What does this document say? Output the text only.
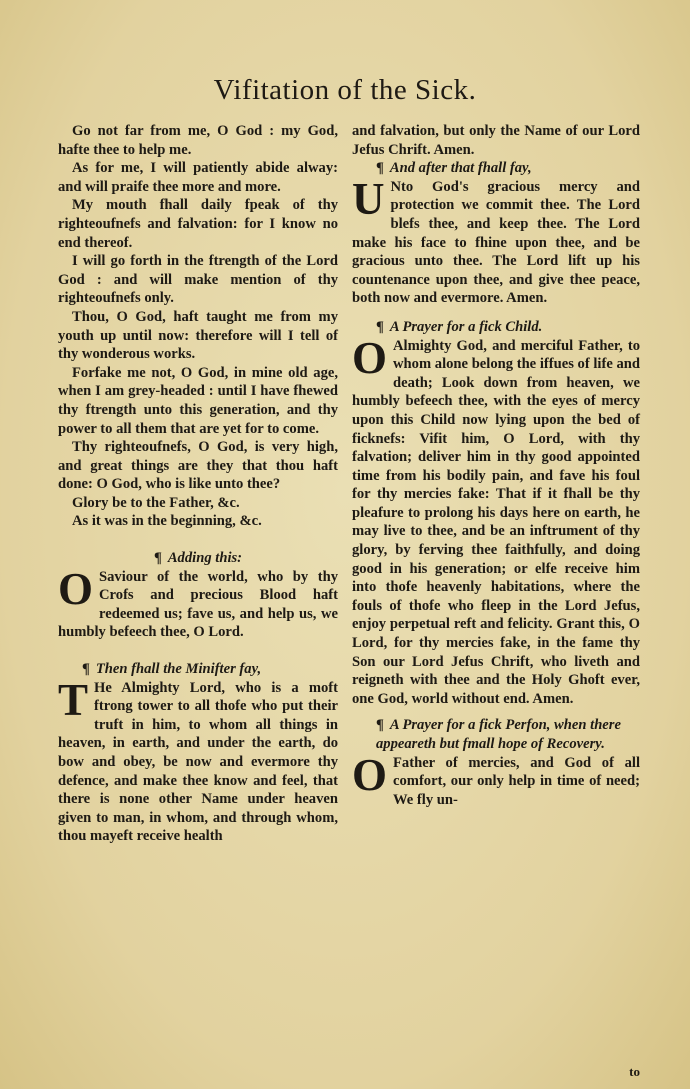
Vifitation of the Sick.

Go not far from me, O God : my God, hafte thee to help me.

As for me, I will patiently abide alway: and will praife thee more and more.

My mouth fhall daily fpeak of thy righteoufnefs and falvation: for I know no end thereof.

I will go forth in the ftrength of the Lord God : and will make mention of thy righteoufnefs only.

Thou, O God, haft taught me from my youth up until now: therefore will I tell of thy wonderous works.

Forfake me not, O God, in mine old age, when I am grey-headed : until I have fhewed thy ftrength unto this generation, and thy power to all them that are yet for to come.

Thy righteoufnefs, O God, is very high, and great things are they that thou haft done: O God, who is like unto thee?

Glory be to the Father, &c.

As it was in the beginning, &c.

¶ Adding this:

O Saviour of the world, who by thy Crofs and precious Blood haft redeemed us; fave us, and help us, we humbly befeech thee, O Lord.

¶ Then fhall the Minifter fay,

T He Almighty Lord, who is a moft ftrong tower to all thofe who put their truft in him, to whom all things in heaven, in earth, and under the earth, do bow and obey, be now and evermore thy defence, and make thee know and feel, that there is none other Name under heaven given to man, in whom, and through whom, thou mayeft receive health

and falvation, but only the Name of our Lord Jefus Chrift. Amen.

¶ And after that fhall fay,

U Nto God's gracious mercy and protection we commit thee. The Lord blefs thee, and keep thee. The Lord make his face to fhine upon thee, and be gracious unto thee. The Lord lift up his countenance upon thee, and give thee peace, both now and evermore. Amen.

¶ A Prayer for a fick Child.

O Almighty God, and merciful Father, to whom alone belong the iffues of life and death; Look down from heaven, we humbly befeech thee, with the eyes of mercy upon this Child now lying upon the bed of ficknefs: Vifit him, O Lord, with thy falvation; deliver him in thy good appointed time from his bodily pain, and fave his foul for thy mercies fake: That if it fhall be thy pleafure to prolong his days here on earth, he may live to thee, and be an inftrument of thy glory, by ferving thee faithfully, and doing good in his generation; or elfe receive him into thofe heavenly habitations, where the fouls of thofe who fleep in the Lord Jefus, enjoy perpetual reft and felicity. Grant this, O Lord, for thy mercies fake, in the fame thy Son our Lord Jefus Chrift, who liveth and reigneth with thee and the Holy Ghoft ever, one God, world without end. Amen.

¶ A Prayer for a fick Perfon, when there appeareth but fmall hope of Recovery.

O Father of mercies, and God of all comfort, our only help in time of need; We fly un-

to
